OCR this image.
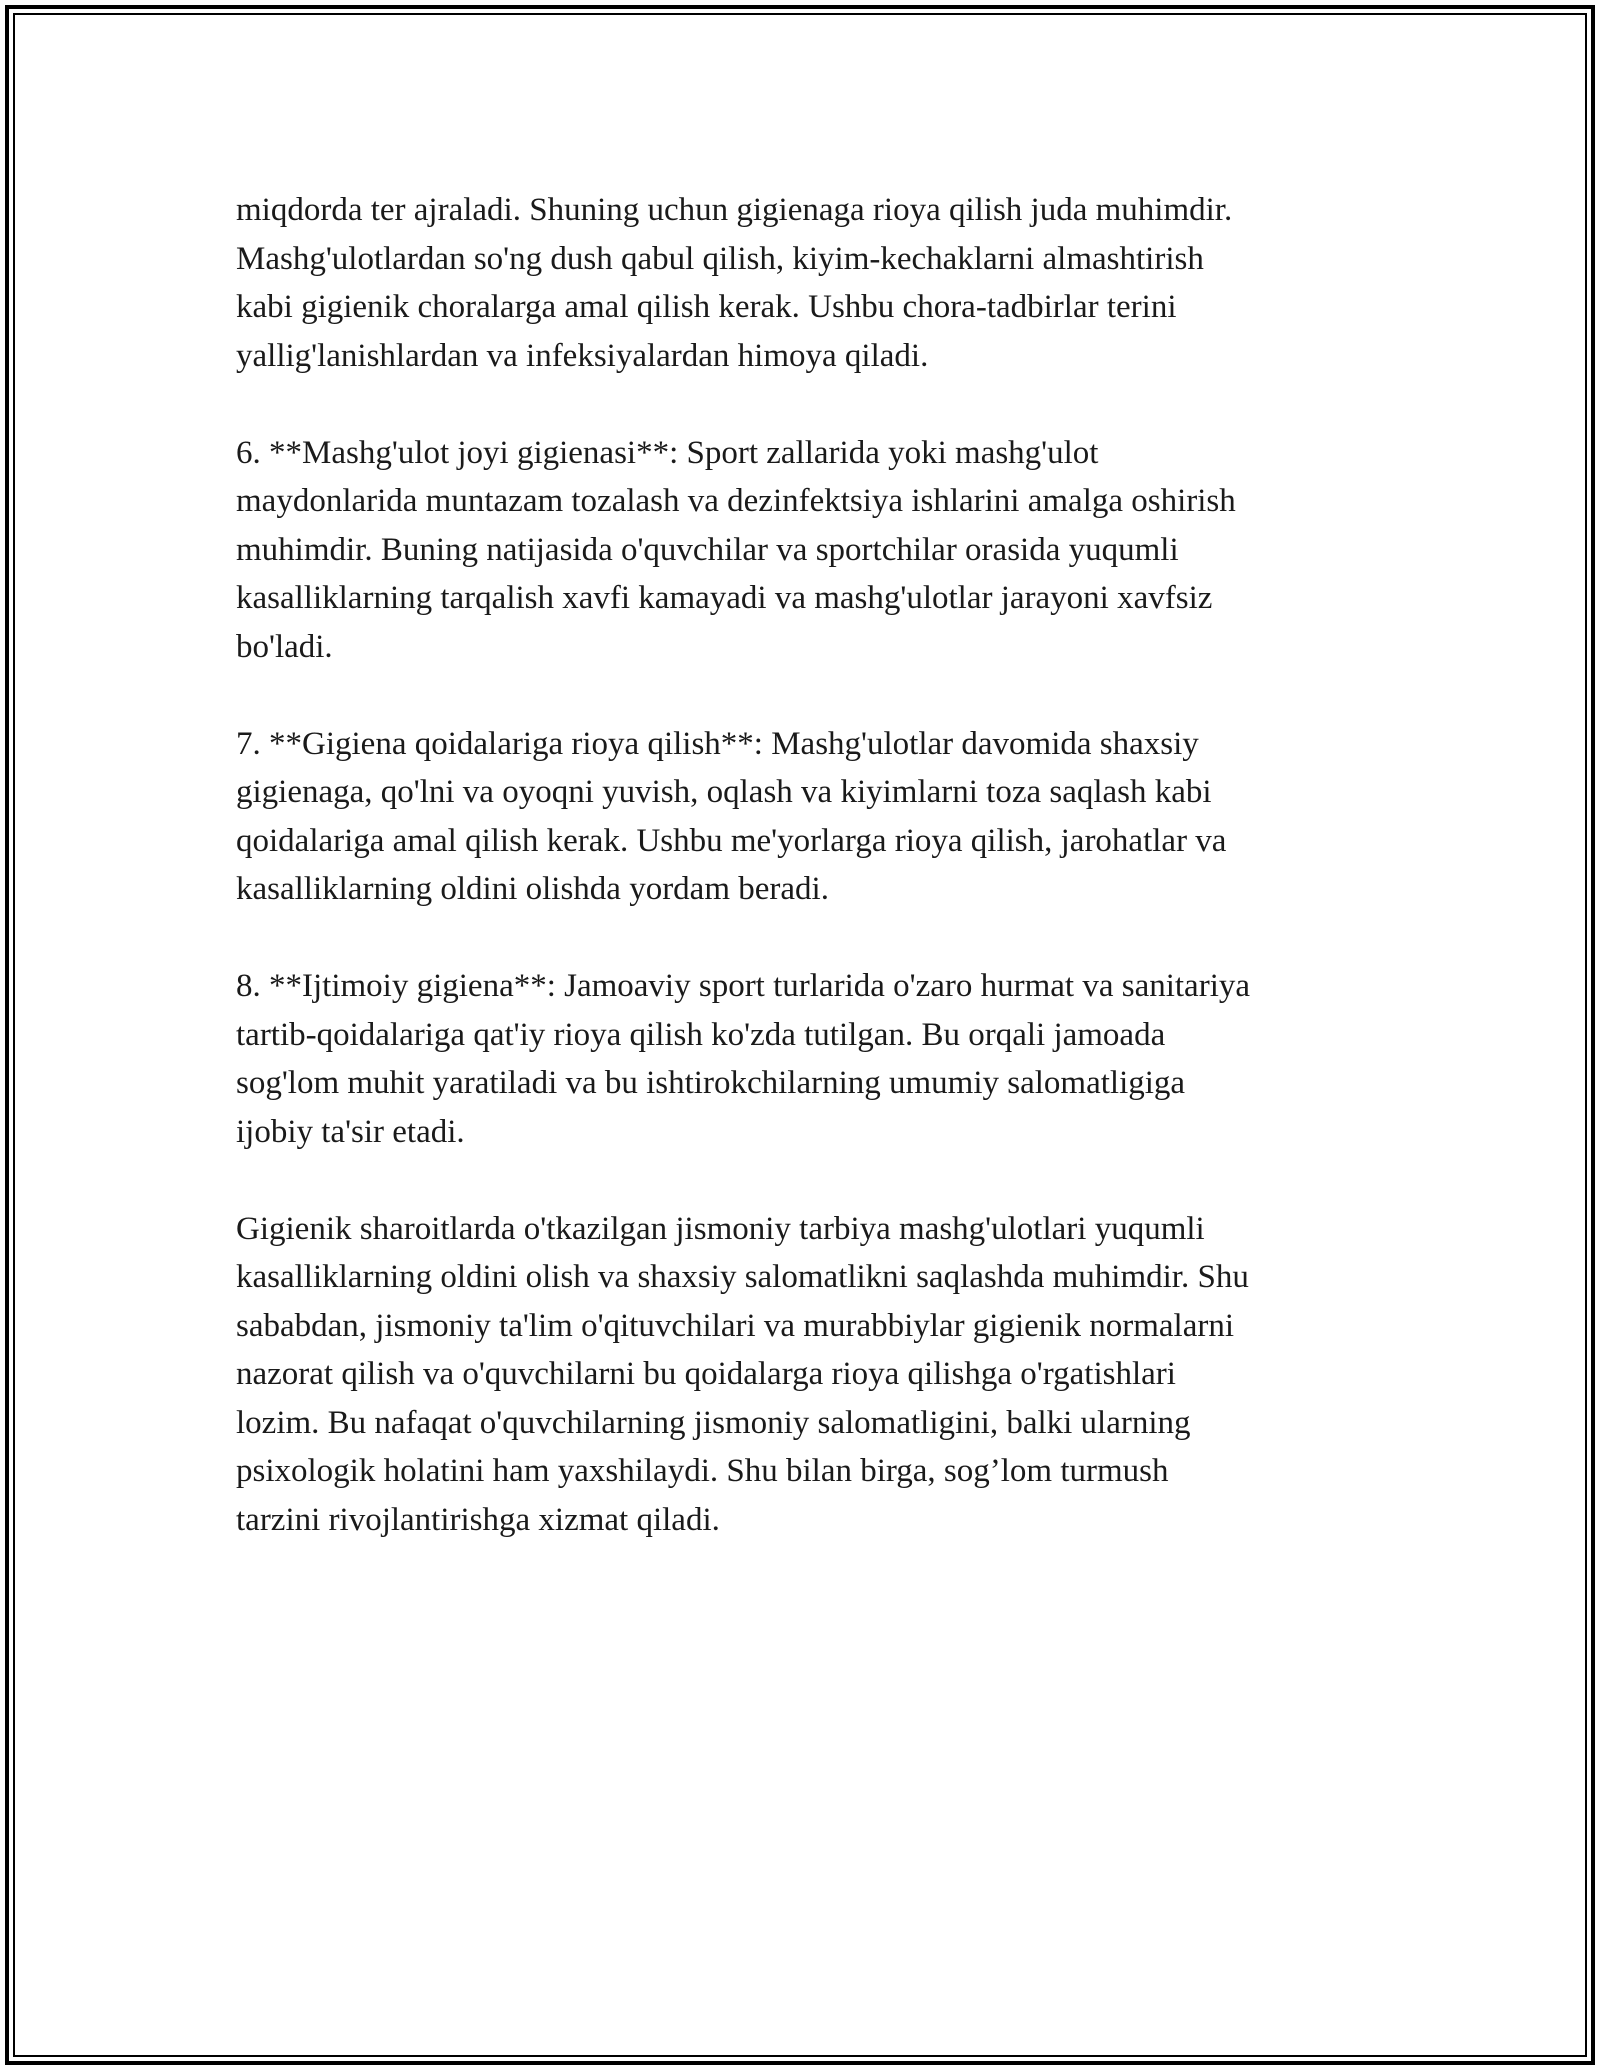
miqdorda ter ajraladi. Shuning uchun gigienaga rioya qilish juda muhimdir.
Mashg'ulotlardan so'ng dush qabul qilish, kiyim-kechaklarni almashtirish
kabi gigienik choralarga amal qilish kerak. Ushbu chora-tadbirlar terini
yallig'lanishlardan va infeksiyalardan himoya qiladi.

6. **Mashg'ulot joyi gigienasi**: Sport zallarida yoki mashg'ulot
maydonlarida muntazam tozalash va dezinfektsiya ishlarini amalga oshirish
muhimdir. Buning natijasida o'quvchilar va sportchilar orasida yuqumli
kasalliklarning tarqalish xavfi kamayadi va mashg'ulotlar jarayoni xavfsiz
bo'ladi.

7. **Gigiena qoidalariga rioya qilish**: Mashg'ulotlar davomida shaxsiy
gigienaga, qo'lni va oyoqni yuvish, oqlash va kiyimlarni toza saqlash kabi
qoidalariga amal qilish kerak. Ushbu me'yorlarga rioya qilish, jarohatlar va
kasalliklarning oldini olishda yordam beradi.

8. **Ijtimoiy gigiena**: Jamoaviy sport turlarida o'zaro hurmat va sanitariya
tartib-qoidalariga qat'iy rioya qilish ko'zda tutilgan. Bu orqali jamoada
sog'lom muhit yaratiladi va bu ishtirokchilarning umumiy salomatligiga
ijobiy ta'sir etadi.

Gigienik sharoitlarda o'tkazilgan jismoniy tarbiya mashg'ulotlari yuqumli
kasalliklarning oldini olish va shaxsiy salomatlikni saqlashda muhimdir. Shu
sababdan, jismoniy ta'lim o'qituvchilari va murabbiylar gigienik normalarni
nazorat qilish va o'quvchilarni bu qoidalarga rioya qilishga o'rgatishlari
lozim. Bu nafaqat o'quvchilarning jismoniy salomatligini, balki ularning
psixologik holatini ham yaxshilaydi. Shu bilan birga, sog’lom turmush
tarzini rivojlantirishga xizmat qiladi.
